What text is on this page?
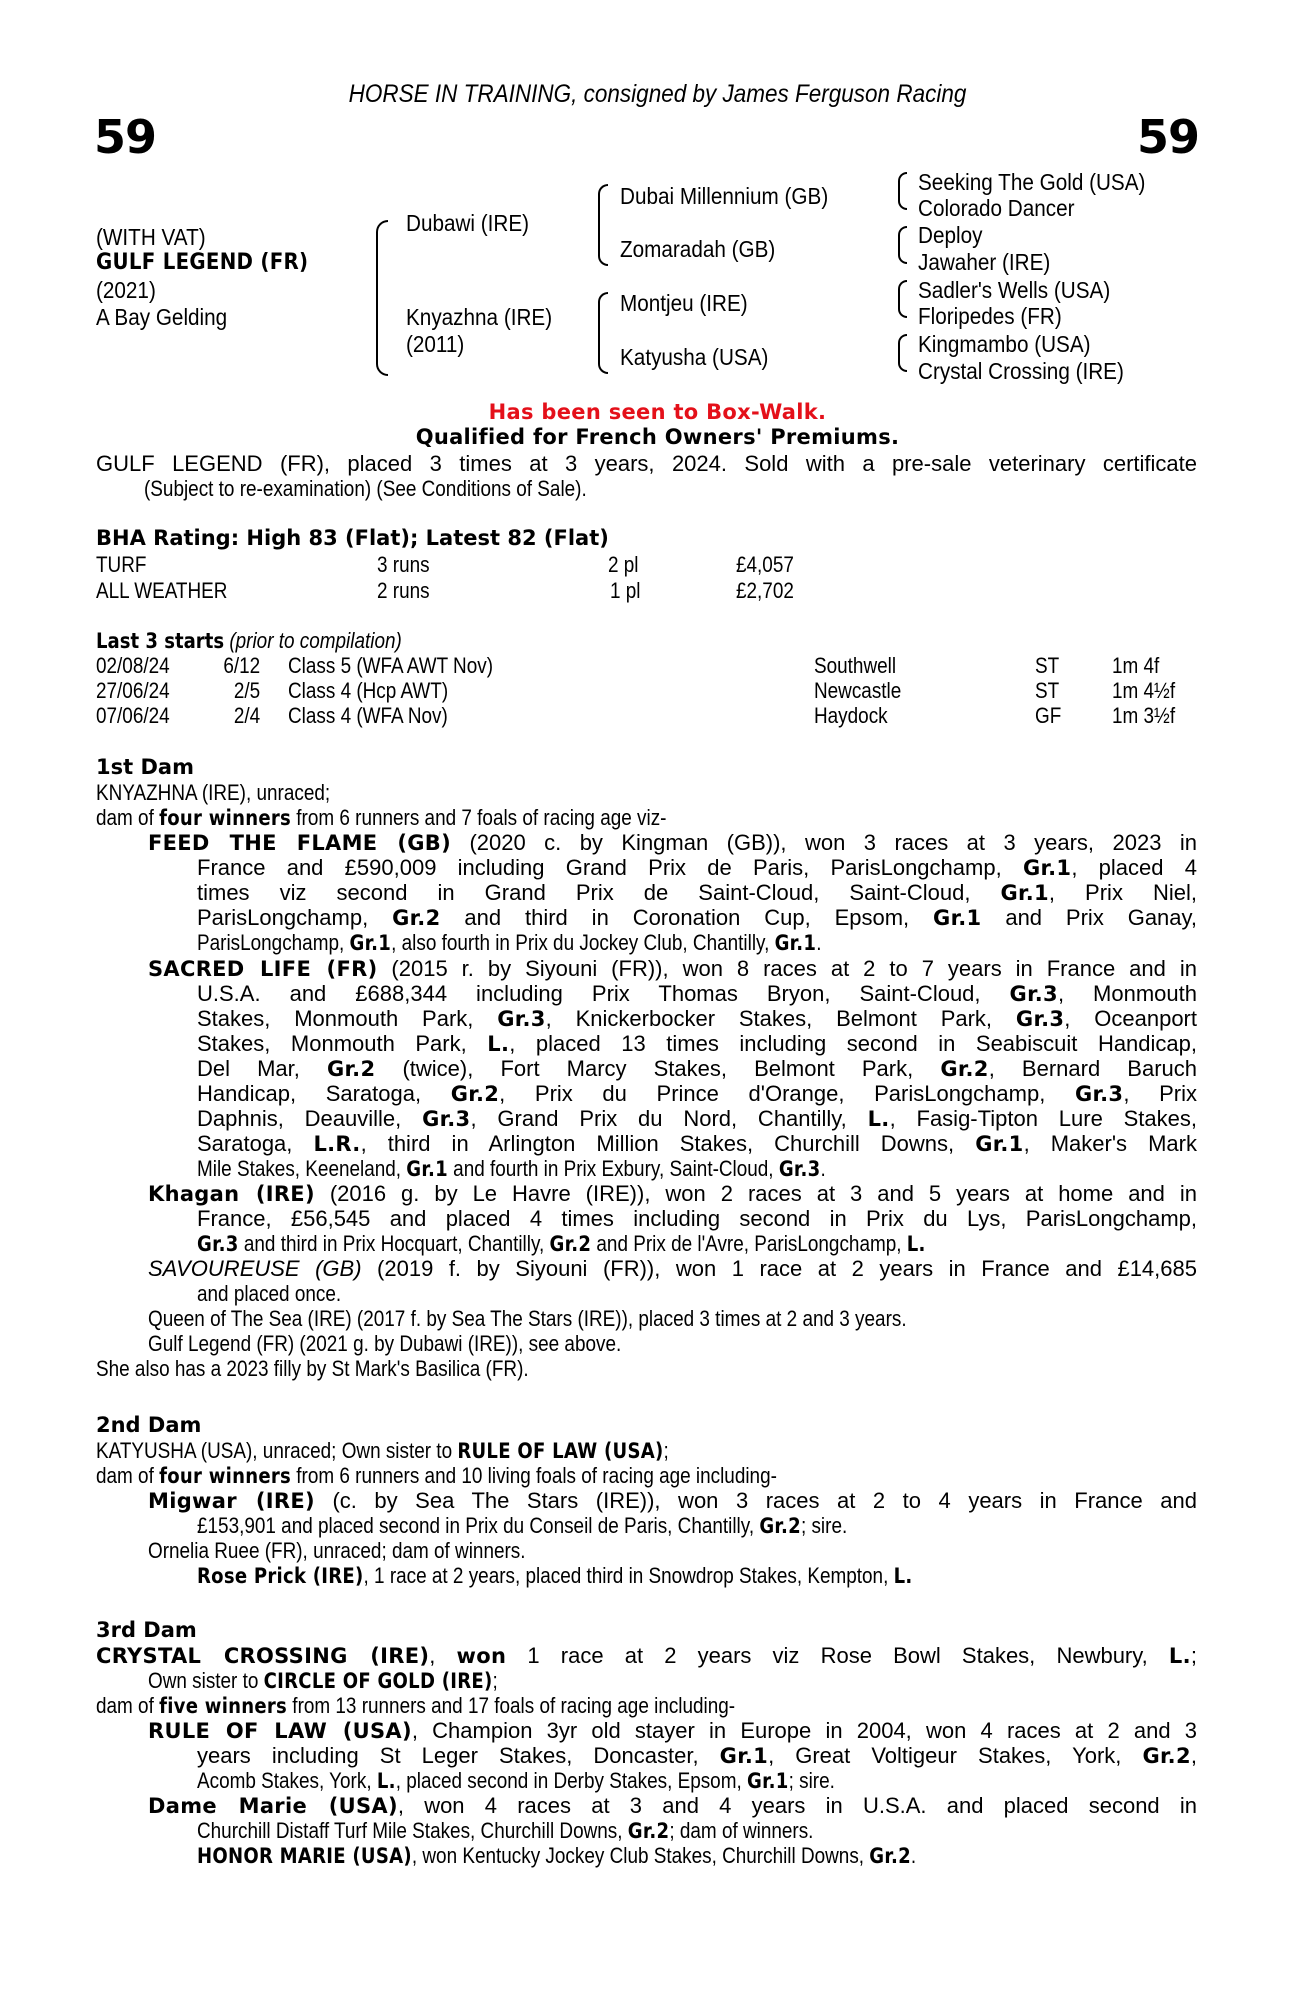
HORSE IN TRAINING, consigned by James Ferguson Racing
59	59
(WITH VAT)
GULF LEGEND (FR)
(2021)
A Bay Gelding
Dubawi (IRE)
Knyazhna (IRE)
(2011)
Dubai Millennium (GB)
Zomaradah (GB)
Montjeu (IRE)
Katyusha (USA)
Seeking The Gold (USA)
Colorado Dancer
Deploy
Jawaher (IRE)
Sadler's Wells (USA)
Floripedes (FR)
Kingmambo (USA)
Crystal Crossing (IRE)
Has been seen to Box-Walk.
Qualified for French Owners' Premiums.
GULF LEGEND (FR), placed 3 times at 3 years, 2024. Sold with a pre-sale veterinary certificate
(Subject to re-examination) (See Conditions of Sale).
BHA Rating: High 83 (Flat); Latest 82 (Flat)
TURF	3 runs	2 pl	£4,057
ALL WEATHER	2 runs	1 pl	£2,702
Last 3 starts (prior to compilation)
02/08/24	6/12 Class 5 (WFA AWT Nov)	Southwell	ST 1m 4f
27/06/24	2/5 Class 4 (Hcp AWT)	Newcastle	ST 1m 4½f
07/06/24	2/4 Class 4 (WFA Nov)	Haydock	GF 1m 3½f
1st Dam
KNYAZHNA (IRE), unraced;
dam of four winners from 6 runners and 7 foals of racing age viz-
FEED THE FLAME (GB) (2020 c. by Kingman (GB)), won 3 races at 3 years, 2023 in
France and £590,009 including Grand Prix de Paris, ParisLongchamp, Gr.1, placed 4
times viz second in Grand Prix de Saint-Cloud, Saint-Cloud, Gr.1, Prix Niel,
ParisLongchamp, Gr.2 and third in Coronation Cup, Epsom, Gr.1 and Prix Ganay,
ParisLongchamp, Gr.1, also fourth in Prix du Jockey Club, Chantilly, Gr.1.
SACRED LIFE (FR) (2015 r. by Siyouni (FR)), won 8 races at 2 to 7 years in France and in
U.S.A. and £688,344 including Prix Thomas Bryon, Saint-Cloud, Gr.3, Monmouth
Stakes, Monmouth Park, Gr.3, Knickerbocker Stakes, Belmont Park, Gr.3, Oceanport
Stakes, Monmouth Park, L., placed 13 times including second in Seabiscuit Handicap,
Del Mar, Gr.2 (twice), Fort Marcy Stakes, Belmont Park, Gr.2, Bernard Baruch
Handicap, Saratoga, Gr.2, Prix du Prince d'Orange, ParisLongchamp, Gr.3, Prix
Daphnis, Deauville, Gr.3, Grand Prix du Nord, Chantilly, L., Fasig-Tipton Lure Stakes,
Saratoga, L.R., third in Arlington Million Stakes, Churchill Downs, Gr.1, Maker's Mark
Mile Stakes, Keeneland, Gr.1 and fourth in Prix Exbury, Saint-Cloud, Gr.3.
Khagan (IRE) (2016 g. by Le Havre (IRE)), won 2 races at 3 and 5 years at home and in
France, £56,545 and placed 4 times including second in Prix du Lys, ParisLongchamp,
Gr.3 and third in Prix Hocquart, Chantilly, Gr.2 and Prix de l'Avre, ParisLongchamp, L.
SAVOUREUSE (GB) (2019 f. by Siyouni (FR)), won 1 race at 2 years in France and £14,685
and placed once.
Queen of The Sea (IRE) (2017 f. by Sea The Stars (IRE)), placed 3 times at 2 and 3 years.
Gulf Legend (FR) (2021 g. by Dubawi (IRE)), see above.
She also has a 2023 filly by St Mark's Basilica (FR).
2nd Dam
KATYUSHA (USA), unraced; Own sister to RULE OF LAW (USA);
dam of four winners from 6 runners and 10 living foals of racing age including-
Migwar (IRE) (c. by Sea The Stars (IRE)), won 3 races at 2 to 4 years in France and
£153,901 and placed second in Prix du Conseil de Paris, Chantilly, Gr.2; sire.
Ornelia Ruee (FR), unraced; dam of winners.
Rose Prick (IRE), 1 race at 2 years, placed third in Snowdrop Stakes, Kempton, L.
3rd Dam
CRYSTAL CROSSING (IRE), won 1 race at 2 years viz Rose Bowl Stakes, Newbury, L.;
Own sister to CIRCLE OF GOLD (IRE);
dam of five winners from 13 runners and 17 foals of racing age including-
RULE OF LAW (USA), Champion 3yr old stayer in Europe in 2004, won 4 races at 2 and 3
years including St Leger Stakes, Doncaster, Gr.1, Great Voltigeur Stakes, York, Gr.2,
Acomb Stakes, York, L., placed second in Derby Stakes, Epsom, Gr.1; sire.
Dame Marie (USA), won 4 races at 3 and 4 years in U.S.A. and placed second in
Churchill Distaff Turf Mile Stakes, Churchill Downs, Gr.2; dam of winners.
HONOR MARIE (USA), won Kentucky Jockey Club Stakes, Churchill Downs, Gr.2.
